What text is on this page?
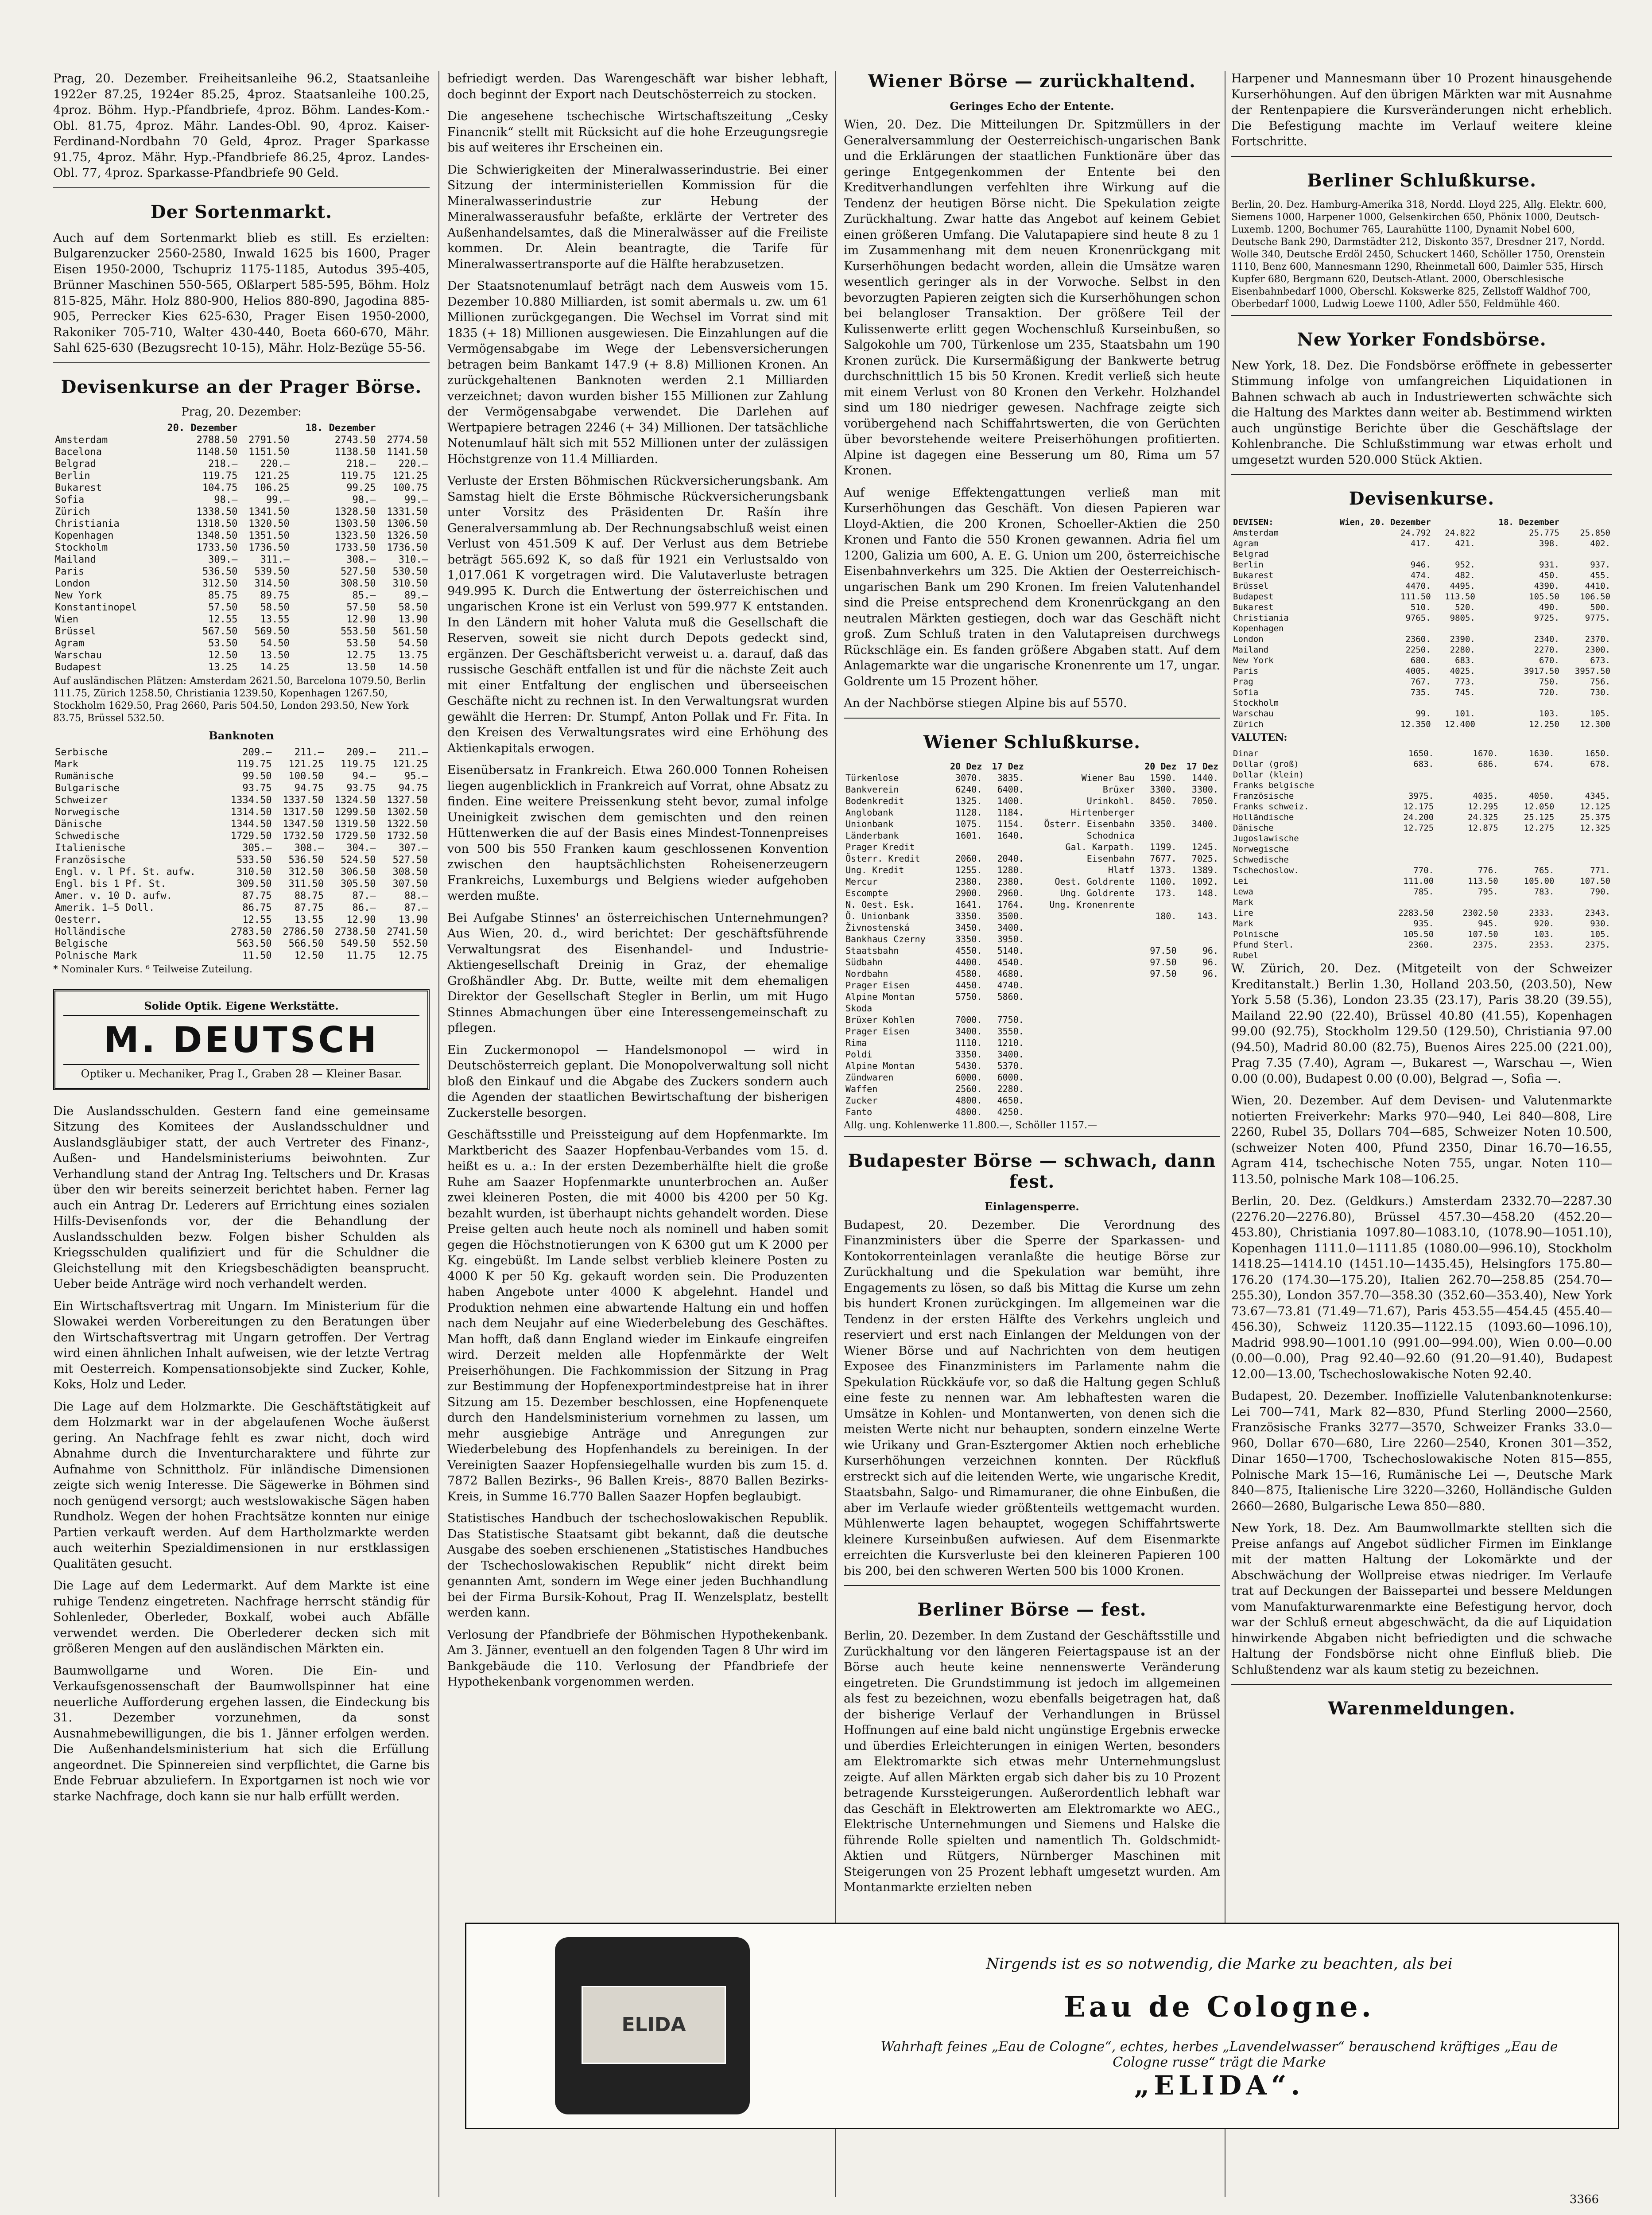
Prag, 20. Dezember. Freiheitsanleihe 96.2, Staatsanleihe 1922er 87.25, 1924er 85.25, 4proz. Staatsanleihe 100.25, 4proz. Böhm. Hyp.-Pfandbriefe, 4proz. Böhm. Landes-Kom.-Obl. 81.75, 4proz. Mähr. Landes-Obl. 90, 4proz. Kaiser-Ferdinand-Nordbahn 70 Geld, 4proz. Prager Sparkasse 91.75, 4proz. Mähr. Hyp.-Pfandbriefe 86.25, 4proz. Landes-Obl. 77, 4proz. Sparkasse-Pfandbriefe 90 Geld.

Der Sortenmarkt.

Auch auf dem Sortenmarkt blieb es still. Es erzielten: Bulgarenzucker 2560-2580, Inwald 1625 bis 1600, Prager Eisen 1950-2000, Tschupriz 1175-1185, Autodus 395-405, Brünner Maschinen 550-565, Oßlarpert 585-595, Böhm. Holz 815-825, Mähr. Holz 880-900, Helios 880-890, Jagodina 885-905, Perrecker Kies 625-630, Prager Eisen 1950-2000, Rakoniker 705-710, Walter 430-440, Boeta 660-670, Mähr. Sahl 625-630 (Bezugsrecht 10-15), Mähr. Holz-Bezüge 55-56.

Devisenkurse an der Prager Börse.
Prag, 20. Dezember:
	20. Dezember		18. Dezember	
Amsterdam	2788.50	2791.50	2743.50	2774.50
Bacelona	1148.50	1151.50	1138.50	1141.50
Belgrad	218.—	220.—	218.—	220.—
Berlin	119.75	121.25	119.75	121.25
Bukarest	104.75	106.25	99.25	100.75
Sofia	98.—	99.—	98.—	99.—
Zürich	1338.50	1341.50	1328.50	1331.50
Christiania	1318.50	1320.50	1303.50	1306.50
Kopenhagen	1348.50	1351.50	1323.50	1326.50
Stockholm	1733.50	1736.50	1733.50	1736.50
Mailand	309.—	311.—	308.—	310.—
Paris	536.50	539.50	527.50	530.50
London	312.50	314.50	308.50	310.50
New York	85.75	89.75	85.—	89.—
Konstantinopel	57.50	58.50	57.50	58.50
Wien	12.55	13.55	12.90	13.90
Brüssel	567.50	569.50	553.50	561.50
Agram	53.50	54.50	53.50	54.50
Warschau	12.50	13.50	12.75	13.75
Budapest	13.25	14.25	13.50	14.50

Auf ausländischen Plätzen: Amsterdam 2621.50, Barcelona 1079.50, Berlin 111.75, Zürich 1258.50, Christiania 1239.50, Kopenhagen 1267.50, Stockholm 1629.50, Prag 2660, Paris 504.50, London 293.50, New York 83.75, Brüssel 532.50.

Banknoten
Serbische	209.—	211.—	209.—	211.—
Mark	119.75	121.25	119.75	121.25
Rumänische	99.50	100.50	94.—	95.—
Bulgarische	93.75	94.75	93.75	94.75
Schweizer	1334.50	1337.50	1324.50	1327.50
Norwegische	1314.50	1317.50	1299.50	1302.50
Dänische	1344.50	1347.50	1319.50	1322.50
Schwedische	1729.50	1732.50	1729.50	1732.50
Italienische	305.—	308.—	304.—	307.—
Französische	533.50	536.50	524.50	527.50
Engl. v. l Pf. St. aufw.	310.50	312.50	306.50	308.50
Engl. bis 1 Pf. St.	309.50	311.50	305.50	307.50
Amer. v. 10 D. aufw.	87.75	88.75	87.—	88.—
Amerik. 1—5 Doll.	86.75	87.75	86.—	87.—
Oesterr.	12.55	13.55	12.90	13.90
Holländische	2783.50	2786.50	2738.50	2741.50
Belgische	563.50	566.50	549.50	552.50
Polnische Mark	11.50	12.50	11.75	12.75

* Nominaler Kurs. ⁶ Teilweise Zuteilung.

Solide Optik. Eigene Werkstätte.
M. DEUTSCH
Optiker u. Mechaniker, Prag I., Graben 28 — Kleiner Basar.

Die Auslandsschulden. Gestern fand eine gemeinsame Sitzung des Komitees der Auslandsschuldner und Auslandsgläubiger statt, der auch Vertreter des Finanz-, Außen- und Handelsministeriums beiwohnten. Zur Verhandlung stand der Antrag Ing. Teltschers und Dr. Krasas über den wir bereits seinerzeit berichtet haben. Ferner lag auch ein Antrag Dr. Lederers auf Errichtung eines sozialen Hilfs-Devisenfonds vor, der die Behandlung der Auslandsschulden bezw. Folgen bisher Schulden als Kriegsschulden qualifiziert und für die Schuldner die Gleichstellung mit den Kriegsbeschädigten beansprucht. Ueber beide Anträge wird noch verhandelt werden.

Ein Wirtschaftsvertrag mit Ungarn. Im Ministerium für die Slowakei werden Vorbereitungen zu den Beratungen über den Wirtschaftsvertrag mit Ungarn getroffen. Der Vertrag wird einen ähnlichen Inhalt aufweisen, wie der letzte Vertrag mit Oesterreich. Kompensationsobjekte sind Zucker, Kohle, Koks, Holz und Leder.

Die Lage auf dem Holzmarkte. Die Geschäftstätigkeit auf dem Holzmarkt war in der abgelaufenen Woche äußerst gering. An Nachfrage fehlt es zwar nicht, doch wird Abnahme durch die Inventurcharaktere und führte zur Aufnahme von Schnittholz. Für inländische Dimensionen zeigte sich wenig Interesse. Die Sägewerke in Böhmen sind noch genügend versorgt; auch westslowakische Sägen haben Rundholz. Wegen der hohen Frachtsätze konnten nur einige Partien verkauft werden. Auf dem Hartholzmarkte werden auch weiterhin Spezialdimensionen in nur erstklassigen Qualitäten gesucht.

Die Lage auf dem Ledermarkt. Auf dem Markte ist eine ruhige Tendenz eingetreten. Nachfrage herrscht ständig für Sohlenleder, Oberleder, Boxkalf, wobei auch Abfälle verwendet werden. Die Oberlederer decken sich mit größeren Mengen auf den ausländischen Märkten ein.

Baumwollgarne und Woren. Die Ein- und Verkaufsgenossenschaft der Baumwollspinner hat eine neuerliche Aufforderung ergehen lassen, die Eindeckung bis 31. Dezember vorzunehmen, da sonst Ausnahmebewilligungen, die bis 1. Jänner erfolgen werden. Die Außenhandelsministerium hat sich die Erfüllung angeordnet. Die Spinnereien sind verpflichtet, die Garne bis Ende Februar abzuliefern. In Exportgarnen ist noch wie vor starke Nachfrage, doch kann sie nur halb erfüllt werden.

befriedigt werden. Das Warengeschäft war bisher lebhaft, doch beginnt der Export nach Deutschösterreich zu stocken.

Die angesehene tschechische Wirtschaftszeitung „Cesky Financnik“ stellt mit Rücksicht auf die hohe Erzeugungsregie bis auf weiteres ihr Erscheinen ein.

Die Schwierigkeiten der Mineralwasserindustrie. Bei einer Sitzung der interministeriellen Kommission für die Mineralwasserindustrie zur Hebung der Mineralwasserausfuhr befaßte, erklärte der Vertreter des Außenhandelsamtes, daß die Mineralwässer auf die Freiliste kommen. Dr. Alein beantragte, die Tarife für Mineralwassertransporte auf die Hälfte herabzusetzen.

Der Staatsnotenumlauf beträgt nach dem Ausweis vom 15. Dezember 10.880 Milliarden, ist somit abermals u. zw. um 61 Millionen zurückgegangen. Die Wechsel im Vorrat sind mit 1835 (+ 18) Millionen ausgewiesen. Die Einzahlungen auf die Vermögensabgabe im Wege der Lebensversicherungen betragen beim Bankamt 147.9 (+ 8.8) Millionen Kronen. An zurückgehaltenen Banknoten werden 2.1 Milliarden verzeichnet; davon wurden bisher 155 Millionen zur Zahlung der Vermögensabgabe verwendet. Die Darlehen auf Wertpapiere betragen 2246 (+ 34) Millionen. Der tatsächliche Notenumlauf hält sich mit 552 Millionen unter der zulässigen Höchstgrenze von 11.4 Milliarden.

Verluste der Ersten Böhmischen Rückversicherungsbank. Am Samstag hielt die Erste Böhmische Rückversicherungsbank unter Vorsitz des Präsidenten Dr. Rašín ihre Generalversammlung ab. Der Rechnungsabschluß weist einen Verlust von 451.509 K auf. Der Verlust aus dem Betriebe beträgt 565.692 K, so daß für 1921 ein Verlustsaldo von 1,017.061 K vorgetragen wird. Die Valutaverluste betragen 949.995 K. Durch die Entwertung der österreichischen und ungarischen Krone ist ein Verlust von 599.977 K entstanden. In den Ländern mit hoher Valuta muß die Gesellschaft die Reserven, soweit sie nicht durch Depots gedeckt sind, ergänzen. Der Geschäftsbericht verweist u. a. darauf, daß das russische Geschäft entfallen ist und für die nächste Zeit auch mit einer Entfaltung der englischen und überseeischen Geschäfte nicht zu rechnen ist. In den Verwaltungsrat wurden gewählt die Herren: Dr. Stumpf, Anton Pollak und Fr. Fita. In den Kreisen des Verwaltungsrates wird eine Erhöhung des Aktienkapitals erwogen.

Eisenübersatz in Frankreich. Etwa 260.000 Tonnen Roheisen liegen augenblicklich in Frankreich auf Vorrat, ohne Absatz zu finden. Eine weitere Preissenkung steht bevor, zumal infolge Uneinigkeit zwischen dem gemischten und den reinen Hüttenwerken die auf der Basis eines Mindest-Tonnenpreises von 500 bis 550 Franken kaum geschlossenen Konvention zwischen den hauptsächlichsten Roheisenerzeugern Frankreichs, Luxemburgs und Belgiens wieder aufgehoben werden mußte.

Bei Aufgabe Stinnes' an österreichischen Unternehmungen? Aus Wien, 20. d., wird berichtet: Der geschäftsführende Verwaltungsrat des Eisenhandel- und Industrie-Aktiengesellschaft Dreinig in Graz, der ehemalige Großhändler Abg. Dr. Butte, weilte mit dem ehemaligen Direktor der Gesellschaft Stegler in Berlin, um mit Hugo Stinnes Abmachungen über eine Interessengemeinschaft zu pflegen.

Ein Zuckermonopol — Handelsmonopol — wird in Deutschösterreich geplant. Die Monopolverwaltung soll nicht bloß den Einkauf und die Abgabe des Zuckers sondern auch die Agenden der staatlichen Bewirtschaftung der bisherigen Zuckerstelle besorgen.

Geschäftsstille und Preissteigung auf dem Hopfenmarkte. Im Marktbericht des Saazer Hopfenbau-Verbandes vom 15. d. heißt es u. a.: In der ersten Dezemberhälfte hielt die große Ruhe am Saazer Hopfenmarkte ununterbrochen an. Außer zwei kleineren Posten, die mit 4000 bis 4200 per 50 Kg. bezahlt wurden, ist überhaupt nichts gehandelt worden. Diese Preise gelten auch heute noch als nominell und haben somit gegen die Höchstnotierungen von K 6300 gut um K 2000 per Kg. eingebüßt. Im Lande selbst verblieb kleinere Posten zu 4000 K per 50 Kg. gekauft worden sein. Die Produzenten haben Angebote unter 4000 K abgelehnt. Handel und Produktion nehmen eine abwartende Haltung ein und hoffen nach dem Neujahr auf eine Wiederbelebung des Geschäftes. Man hofft, daß dann England wieder im Einkaufe eingreifen wird. Derzeit melden alle Hopfenmärkte der Welt Preiserhöhungen. Die Fachkommission der Sitzung in Prag zur Bestimmung der Hopfenexportmindestpreise hat in ihrer Sitzung am 15. Dezember beschlossen, eine Hopfenenquete durch den Handelsministerium vornehmen zu lassen, um mehr ausgiebige Anträge und Anregungen zur Wiederbelebung des Hopfenhandels zu bereinigen. In der Vereinigten Saazer Hopfensiegelhalle wurden bis zum 15. d. 7872 Ballen Bezirks-, 96 Ballen Kreis-, 8870 Ballen Bezirks-Kreis, in Summe 16.770 Ballen Saazer Hopfen beglaubigt.

Statistisches Handbuch der tschechoslowakischen Republik. Das Statistische Staatsamt gibt bekannt, daß die deutsche Ausgabe des soeben erschienenen „Statistisches Handbuches der Tschechoslowakischen Republik“ nicht direkt beim genannten Amt, sondern im Wege einer jeden Buchhandlung bei der Firma Bursik-Kohout, Prag II. Wenzelsplatz, bestellt werden kann.

Verlosung der Pfandbriefe der Böhmischen Hypothekenbank. Am 3. Jänner, eventuell an den folgenden Tagen 8 Uhr wird im Bankgebäude die 110. Verlosung der Pfandbriefe der Hypothekenbank vorgenommen werden.

Wiener Börse — zurückhaltend.
Geringes Echo der Entente.

Wien, 20. Dez. Die Mitteilungen Dr. Spitzmüllers in der Generalversammlung der Oesterreichisch-ungarischen Bank und die Erklärungen der staatlichen Funktionäre über das geringe Entgegenkommen der Entente bei den Kreditverhandlungen verfehlten ihre Wirkung auf die Tendenz der heutigen Börse nicht. Die Spekulation zeigte Zurückhaltung. Zwar hatte das Angebot auf keinem Gebiet einen größeren Umfang. Die Valutapapiere sind heute 8 zu 1 im Zusammenhang mit dem neuen Kronenrückgang mit Kurserhöhungen bedacht worden, allein die Umsätze waren wesentlich geringer als in der Vorwoche. Selbst in den bevorzugten Papieren zeigten sich die Kurserhöhungen schon bei belangloser Transaktion. Der größere Teil der Kulissenwerte erlitt gegen Wochenschluß Kurseinbußen, so Salgokohle um 700, Türkenlose um 235, Staatsbahn um 190 Kronen zurück. Die Kursermäßigung der Bankwerte betrug durchschnittlich 15 bis 50 Kronen. Kredit verließ sich heute mit einem Verlust von 80 Kronen den Verkehr. Holzhandel sind um 180 niedriger gewesen. Nachfrage zeigte sich vorübergehend nach Schiffahrtswerten, die von Gerüchten über bevorstehende weitere Preiserhöhungen profitierten. Alpine ist dagegen eine Besserung um 80, Rima um 57 Kronen.

Auf wenige Effektengattungen verließ man mit Kurserhöhungen das Geschäft. Von diesen Papieren war Lloyd-Aktien, die 200 Kronen, Schoeller-Aktien die 250 Kronen und Fanto die 550 Kronen gewannen. Adria fiel um 1200, Galizia um 600, A. E. G. Union um 200, österreichische Eisenbahnverkehrs um 325. Die Aktien der Oesterreichisch-ungarischen Bank um 290 Kronen. Im freien Valutenhandel sind die Preise entsprechend dem Kronenrückgang an den neutralen Märkten gestiegen, doch war das Geschäft nicht groß. Zum Schluß traten in den Valutapreisen durchwegs Rückschläge ein. Es fanden größere Abgaben statt. Auf dem Anlagemarkte war die ungarische Kronenrente um 17, ungar. Goldrente um 15 Prozent höher.

An der Nachbörse stiegen Alpine bis auf 5570.

Wiener Schlußkurse.
	20 Dez	17 Dez		20 Dez	17 Dez
Türkenlose	3070.	3835.	Wiener Bau	1590.	1440.
Bankverein	6240.	6400.	Brüxer	3300.	3300.
Bodenkredit	1325.	1400.	Urinkohl.	8450.	7050.
Anglobank	1128.	1184.	Hirtenberger		
Unionbank	1075.	1154.	Österr. Eisenbahn	3350.	3400.
Länderbank	1601.	1640.	Schodnica		
Prager Kredit			Gal. Karpath.	1199.	1245.
Österr. Kredit	2060.	2040.	Eisenbahn	7677.	7025.
Ung. Kredit	1255.	1280.	Hlatf	1373.	1389.
Mercur	2380.	2380.	Oest. Goldrente	1100.	1092.
Escompte	2900.	2960.	Ung. Goldrente	173.	148.
N. Oest. Esk.	1641.	1764.	Ung. Kronenrente		
Ö. Unionbank	3350.	3500.		180.	143.
Živnostenská	3450.	3400.			
Bankhaus Czerny	3350.	3950.			
Staatsbahn	4550.	5140.		97.50	96.
Südbahn	4400.	4540.		97.50	96.
Nordbahn	4580.	4680.		97.50	96.
Prager Eisen	4450.	4740.			
Alpine Montan	5750.	5860.			
Skoda					
Brüxer Kohlen	7000.	7750.			
Prager Eisen	3400.	3550.			
Rima	1110.	1210.			
Poldi	3350.	3400.			
Alpine Montan	5430.	5370.			
Zündwaren	6000.	6000.			
Waffen	2560.	2280.			
Zucker	4800.	4650.			
Fanto	4800.	4250.			

Allg. ung. Kohlenwerke 11.800.—, Schöller 1157.—

Budapester Börse — schwach, dann fest.
Einlagensperre.

Budapest, 20. Dezember. Die Verordnung des Finanzministers über die Sperre der Sparkassen- und Kontokorrenteinlagen veranlaßte die heutige Börse zur Zurückhaltung und die Spekulation war bemüht, ihre Engagements zu lösen, so daß bis Mittag die Kurse um zehn bis hundert Kronen zurückgingen. Im allgemeinen war die Tendenz in der ersten Hälfte des Verkehrs ungleich und reserviert und erst nach Einlangen der Meldungen von der Wiener Börse und auf Nachrichten von dem heutigen Exposee des Finanzministers im Parlamente nahm die Spekulation Rückkäufe vor, so daß die Haltung gegen Schluß eine feste zu nennen war. Am lebhaftesten waren die Umsätze in Kohlen- und Montanwerten, von denen sich die meisten Werte nicht nur behaupten, sondern einzelne Werte wie Urikany und Gran-Esztergomer Aktien noch erhebliche Kurserhöhungen verzeichnen konnten. Der Rückfluß erstreckt sich auf die leitenden Werte, wie ungarische Kredit, Staatsbahn, Salgo- und Rimamuraner, die ohne Einbußen, die aber im Verlaufe wieder größtenteils wettgemacht wurden. Mühlenwerte lagen behauptet, wogegen Schiffahrtswerte kleinere Kurseinbußen aufwiesen. Auf dem Eisenmarkte erreichten die Kursverluste bei den kleineren Papieren 100 bis 200, bei den schweren Werten 500 bis 1000 Kronen.

Berliner Börse — fest.

Berlin, 20. Dezember. In dem Zustand der Geschäftsstille und Zurückhaltung vor den längeren Feiertagspause ist an der Börse auch heute keine nennenswerte Veränderung eingetreten. Die Grundstimmung ist jedoch im allgemeinen als fest zu bezeichnen, wozu ebenfalls beigetragen hat, daß der bisherige Verlauf der Verhandlungen in Brüssel Hoffnungen auf eine bald nicht ungünstige Ergebnis erwecke und überdies Erleichterungen in einigen Werten, besonders am Elektromarkte sich etwas mehr Unternehmungslust zeigte. Auf allen Märkten ergab sich daher bis zu 10 Prozent betragende Kurssteigerungen. Außerordentlich lebhaft war das Geschäft in Elektrowerten am Elektromarkte wo AEG., Elektrische Unternehmungen und Siemens und Halske die führende Rolle spielten und namentlich Th. Goldschmidt-Aktien und Rütgers, Nürnberger Maschinen mit Steigerungen von 25 Prozent lebhaft umgesetzt wurden. Am Montanmarkte erzielten neben

Harpener und Mannesmann über 10 Prozent hinausgehende Kurserhöhungen. Auf den übrigen Märkten war mit Ausnahme der Rentenpapiere die Kursveränderungen nicht erheblich. Die Befestigung machte im Verlauf weitere kleine Fortschritte.

Berliner Schlußkurse.

Berlin, 20. Dez. Hamburg-Amerika 318, Nordd. Lloyd 225, Allg. Elektr. 600, Siemens 1000, Harpener 1000, Gelsenkirchen 650, Phönix 1000, Deutsch-Luxemb. 1200, Bochumer 765, Laurahütte 1100, Dynamit Nobel 600, Deutsche Bank 290, Darmstädter 212, Diskonto 357, Dresdner 217, Nordd. Wolle 340, Deutsche Erdöl 2450, Schuckert 1460, Schöller 1750, Orenstein 1110, Benz 600, Mannesmann 1290, Rheinmetall 600, Daimler 535, Hirsch Kupfer 680, Bergmann 620, Deutsch-Atlant. 2000, Oberschlesische Eisenbahnbedarf 1000, Oberschl. Kokswerke 825, Zellstoff Waldhof 700, Oberbedarf 1000, Ludwig Loewe 1100, Adler 550, Feldmühle 460.

New Yorker Fondsbörse.

New York, 18. Dez. Die Fondsbörse eröffnete in gebesserter Stimmung infolge von umfangreichen Liquidationen in Bahnen schwach ab auch in Industriewerten schwächte sich die Haltung des Marktes dann weiter ab. Bestimmend wirkten auch ungünstige Berichte über die Geschäftslage der Kohlenbranche. Die Schlußstimmung war etwas erholt und umgesetzt wurden 520.000 Stück Aktien.

Devisenkurse.
DEVISEN:	Wien, 20. Dezember		18. Dezember	
Amsterdam	24.792	24.822	25.775	25.850
Agram	417.	421.	398.	402.
Belgrad				
Berlin	946.	952.	931.	937.
Bukarest	474.	482.	450.	455.
Brüssel	4470.	4495.	4390.	4410.
Budapest	111.50	113.50	105.50	106.50
Bukarest	510.	520.	490.	500.
Christiania	9765.	9805.	9725.	9775.
Kopenhagen				
London	2360.	2390.	2340.	2370.
Mailand	2250.	2280.	2270.	2300.
New York	680.	683.	670.	673.
Paris	4005.	4025.	3917.50	3957.50
Prag	767.	773.	750.	756.
Sofia	735.	745.	720.	730.
Stockholm				
Warschau	99.	101.	103.	105.
Zürich	12.350	12.400	12.250	12.300
VALUTEN:
Dinar	1650.	1670.	1630.	1650.
Dollar (groß)	683.	686.	674.	678.
Dollar (klein)				
Franks belgische				
Französische	3975.	4035.	4050.	4345.
Franks schweiz.	12.175	12.295	12.050	12.125
Holländische	24.200	24.325	25.125	25.375
Dänische	12.725	12.875	12.275	12.325
Jugoslawische				
Norwegische				
Schwedische				
Tschechoslow.	770.	776.	765.	771.
Lei	111.00	113.50	105.00	107.50
Lewa	785.	795.	783.	790.
Mark				
Lire	2283.50	2302.50	2333.	2343.
Mark	935.	945.	920.	930.
Polnische	105.50	107.50	103.	105.
Pfund Sterl.	2360.	2375.	2353.	2375.
Rubel				

W. Zürich, 20. Dez. (Mitgeteilt von der Schweizer Kreditanstalt.) Berlin 1.30, Holland 203.50, (203.50), New York 5.58 (5.36), London 23.35 (23.17), Paris 38.20 (39.55), Mailand 22.90 (22.40), Brüssel 40.80 (41.55), Kopenhagen 99.00 (92.75), Stockholm 129.50 (129.50), Christiania 97.00 (94.50), Madrid 80.00 (82.75), Buenos Aires 225.00 (221.00), Prag 7.35 (7.40), Agram —, Bukarest —, Warschau —, Wien 0.00 (0.00), Budapest 0.00 (0.00), Belgrad —, Sofia —.

Wien, 20. Dezember. Auf dem Devisen- und Valutenmarkte notierten Freiverkehr: Marks 970—940, Lei 840—808, Lire 2260, Rubel 35, Dollars 704—685, Schweizer Noten 10.500, (schweizer Noten 400, Pfund 2350, Dinar 16.70—16.55, Agram 414, tschechische Noten 755, ungar. Noten 110—113.50, polnische Mark 108—106.25.

Berlin, 20. Dez. (Geldkurs.) Amsterdam 2332.70—2287.30 (2276.20—2276.80), Brüssel 457.30—458.20 (452.20—453.80), Christiania 1097.80—1083.10, (1078.90—1051.10), Kopenhagen 1111.0—1111.85 (1080.00—996.10), Stockholm 1418.25—1414.10 (1451.10—1435.45), Helsingfors 175.80—176.20 (174.30—175.20), Italien 262.70—258.85 (254.70—255.30), London 357.70—358.30 (352.60—353.40), New York 73.67—73.81 (71.49—71.67), Paris 453.55—454.45 (455.40—456.30), Schweiz 1120.35—1122.15 (1093.60—1096.10), Madrid 998.90—1001.10 (991.00—994.00), Wien 0.00—0.00 (0.00—0.00), Prag 92.40—92.60 (91.20—91.40), Budapest 12.00—13.00, Tschechoslowakische Noten 92.40.

Budapest, 20. Dezember. Inoffizielle Valutenbanknotenkurse: Lei 700—741, Mark 82—830, Pfund Sterling 2000—2560, Französische Franks 3277—3570, Schweizer Franks 33.0—960, Dollar 670—680, Lire 2260—2540, Kronen 301—352, Dinar 1650—1700, Tschechoslowakische Noten 815—855, Polnische Mark 15—16, Rumänische Lei —, Deutsche Mark 840—875, Italienische Lire 3220—3260, Holländische Gulden 2660—2680, Bulgarische Lewa 850—880.

New York, 18. Dez. Am Baumwollmarkte stellten sich die Preise anfangs auf Angebot südlicher Firmen im Einklange mit der matten Haltung der Lokomärkte und der Abschwächung der Wollpreise etwas niedriger. Im Verlaufe trat auf Deckungen der Baissepartei und bessere Meldungen vom Manufakturwarenmarkte eine Befestigung hervor, doch war der Schluß erneut abgeschwächt, da die auf Liquidation hinwirkende Abgaben nicht befriedigten und die schwache Haltung der Fondsbörse nicht ohne Einfluß blieb. Die Schlußtendenz war als kaum stetig zu bezeichnen.

Warenmeldungen.
ELIDA
Nirgends ist es so notwendig, die Marke zu beachten, als bei
Eau de Cologne.
Wahrhaft feines „Eau de Cologne“, echtes, herbes „Lavendelwasser“ berauschend kräftiges „Eau de Cologne russe“ trägt die Marke
„ELIDA“.
3366
